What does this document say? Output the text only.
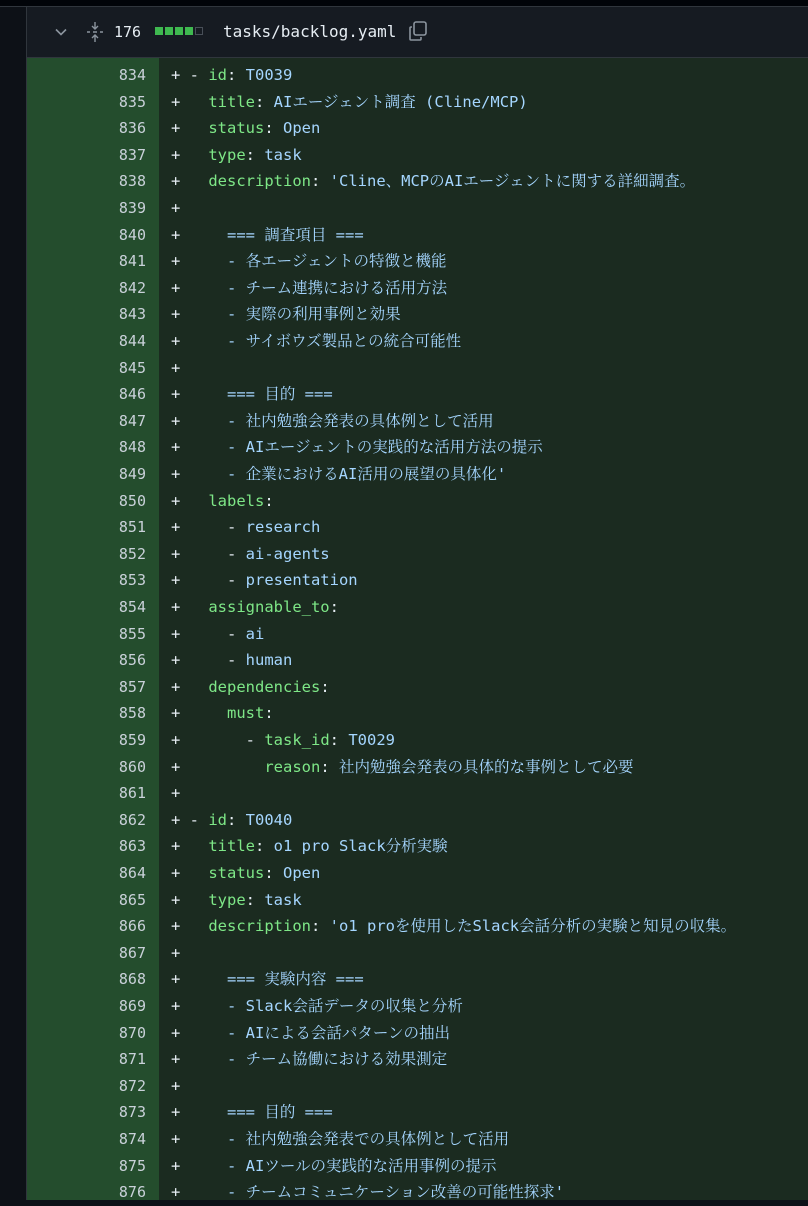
176	tasks/backlog.yaml
834 + - id: T0039
835 +   title: AIエージェント調査 (Cline/MCP)
836 +   status: Open
837 +   type: task
838 +   description: 'Cline、MCPのAIエージェントに関する詳細調査。
839 +
840 +     === 調査項目 ===
841 +     - 各エージェントの特徴と機能
842 +     - チーム連携における活用方法
843 +     - 実際の利用事例と効果
844 +     - サイボウズ製品との統合可能性
845 +
846 +     === 目的 ===
847 +     - 社内勉強会発表の具体例として活用
848 +     - AIエージェントの実践的な活用方法の提示
849 +     - 企業におけるAI活用の展望の具体化'
850 +   labels:
851 +     - research
852 +     - ai-agents
853 +     - presentation
854 +   assignable_to:
855 +     - ai
856 +     - human
857 +   dependencies:
858 +     must:
859 +       - task_id: T0029
860 +         reason: 社内勉強会発表の具体的な事例として必要
861 +
862 + - id: T0040
863 +   title: o1 pro Slack分析実験
864 +   status: Open
865 +   type: task
866 +   description: 'o1 proを使用したSlack会話分析の実験と知見の収集。
867 +
868 +     === 実験内容 ===
869 +     - Slack会話データの収集と分析
870 +     - AIによる会話パターンの抽出
871 +     - チーム協働における効果測定
872 +
873 +     === 目的 ===
874 +     - 社内勉強会発表での具体例として活用
875 +     - AIツールの実践的な活用事例の提示
876 +     - チームコミュニケーション改善の可能性探求'
